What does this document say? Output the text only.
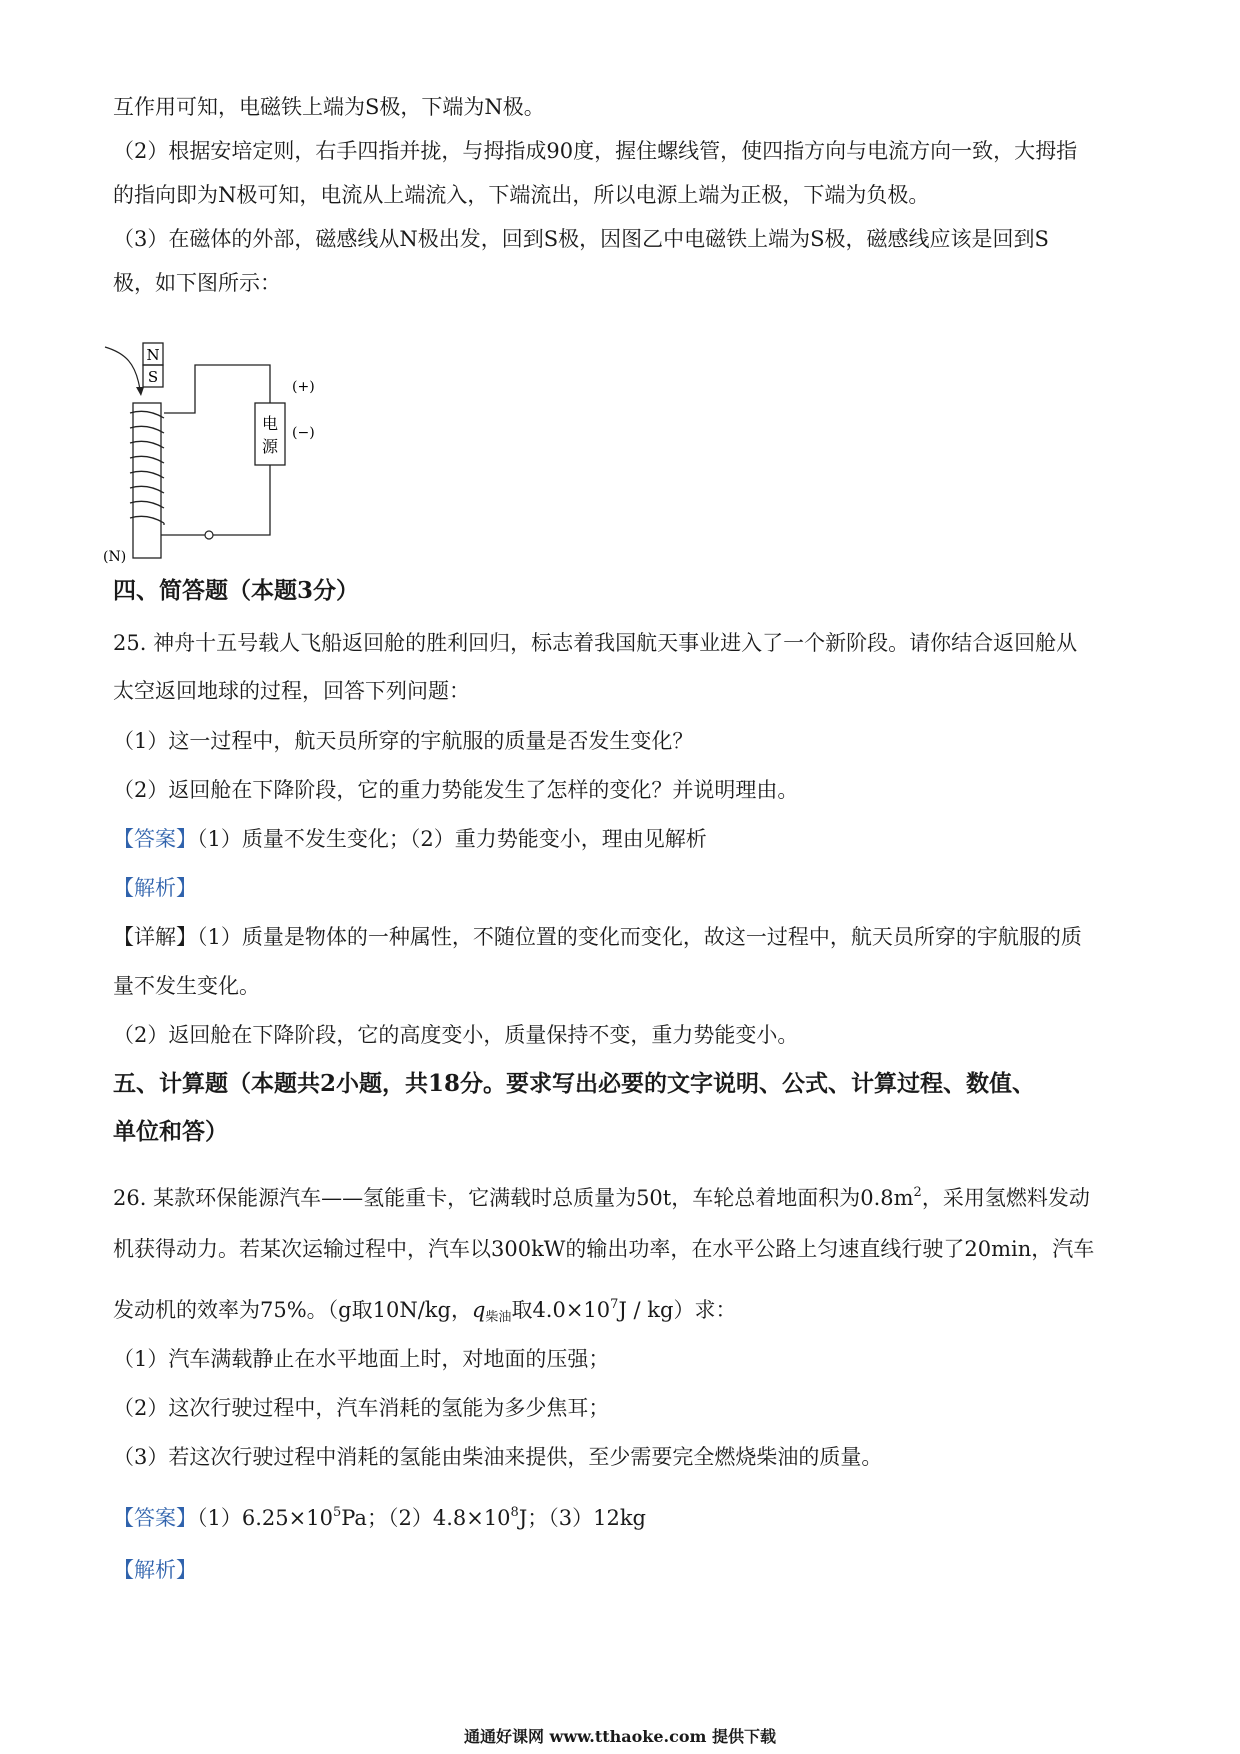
互作用可知，电磁铁上端为S极，下端为N极。
（2）根据安培定则，右手四指并拢，与拇指成90度，握住螺线管，使四指方向与电流方向一致，大拇指
的指向即为N极可知，电流从上端流入，下端流出，所以电源上端为正极，下端为负极。
（3）在磁体的外部，磁感线从N极出发，回到S极，因图乙中电磁铁上端为S极，磁感线应该是回到S
极，如下图所示：
N
S
电
源
(+)
(−)
(N)
四、简答题（本题3分）
25. 神舟十五号载人飞船返回舱的胜利回归，标志着我国航天事业进入了一个新阶段。请你结合返回舱从
太空返回地球的过程，回答下列问题：
（1）这一过程中，航天员所穿的宇航服的质量是否发生变化？
（2）返回舱在下降阶段，它的重力势能发生了怎样的变化？并说明理由。
【答案】（1）质量不发生变化；（2）重力势能变小，理由见解析
【解析】
【详解】（1）质量是物体的一种属性，不随位置的变化而变化，故这一过程中，航天员所穿的宇航服的质
量不发生变化。
（2）返回舱在下降阶段，它的高度变小，质量保持不变，重力势能变小。
五、计算题（本题共2小题，共18分。要求写出必要的文字说明、公式、计算过程、数值、
单位和答）
26. 某款环保能源汽车——氢能重卡，它满载时总质量为50t，车轮总着地面积为$0.8m^2$，采用氢燃料发动
机获得动力。若某次运输过程中，汽车以300kW的输出功率，在水平公路上匀速直线行驶了20min，汽车
发动机的效率为75%。（g取10N/kg，$q_{柴油}$取$4.0\times 10^7J / kg$）求：
（1）汽车满载静止在水平地面上时，对地面的压强；
（2）这次行驶过程中，汽车消耗的氢能为多少焦耳；
（3）若这次行驶过程中消耗的氢能由柴油来提供，至少需要完全燃烧柴油的质量。
【答案】$(1)6.25\times 10^5Pa$；$(2)4.8\times 10^8J$；（3）12kg
【解析】
通通好课网 www.tthaoke.com 提供下载
